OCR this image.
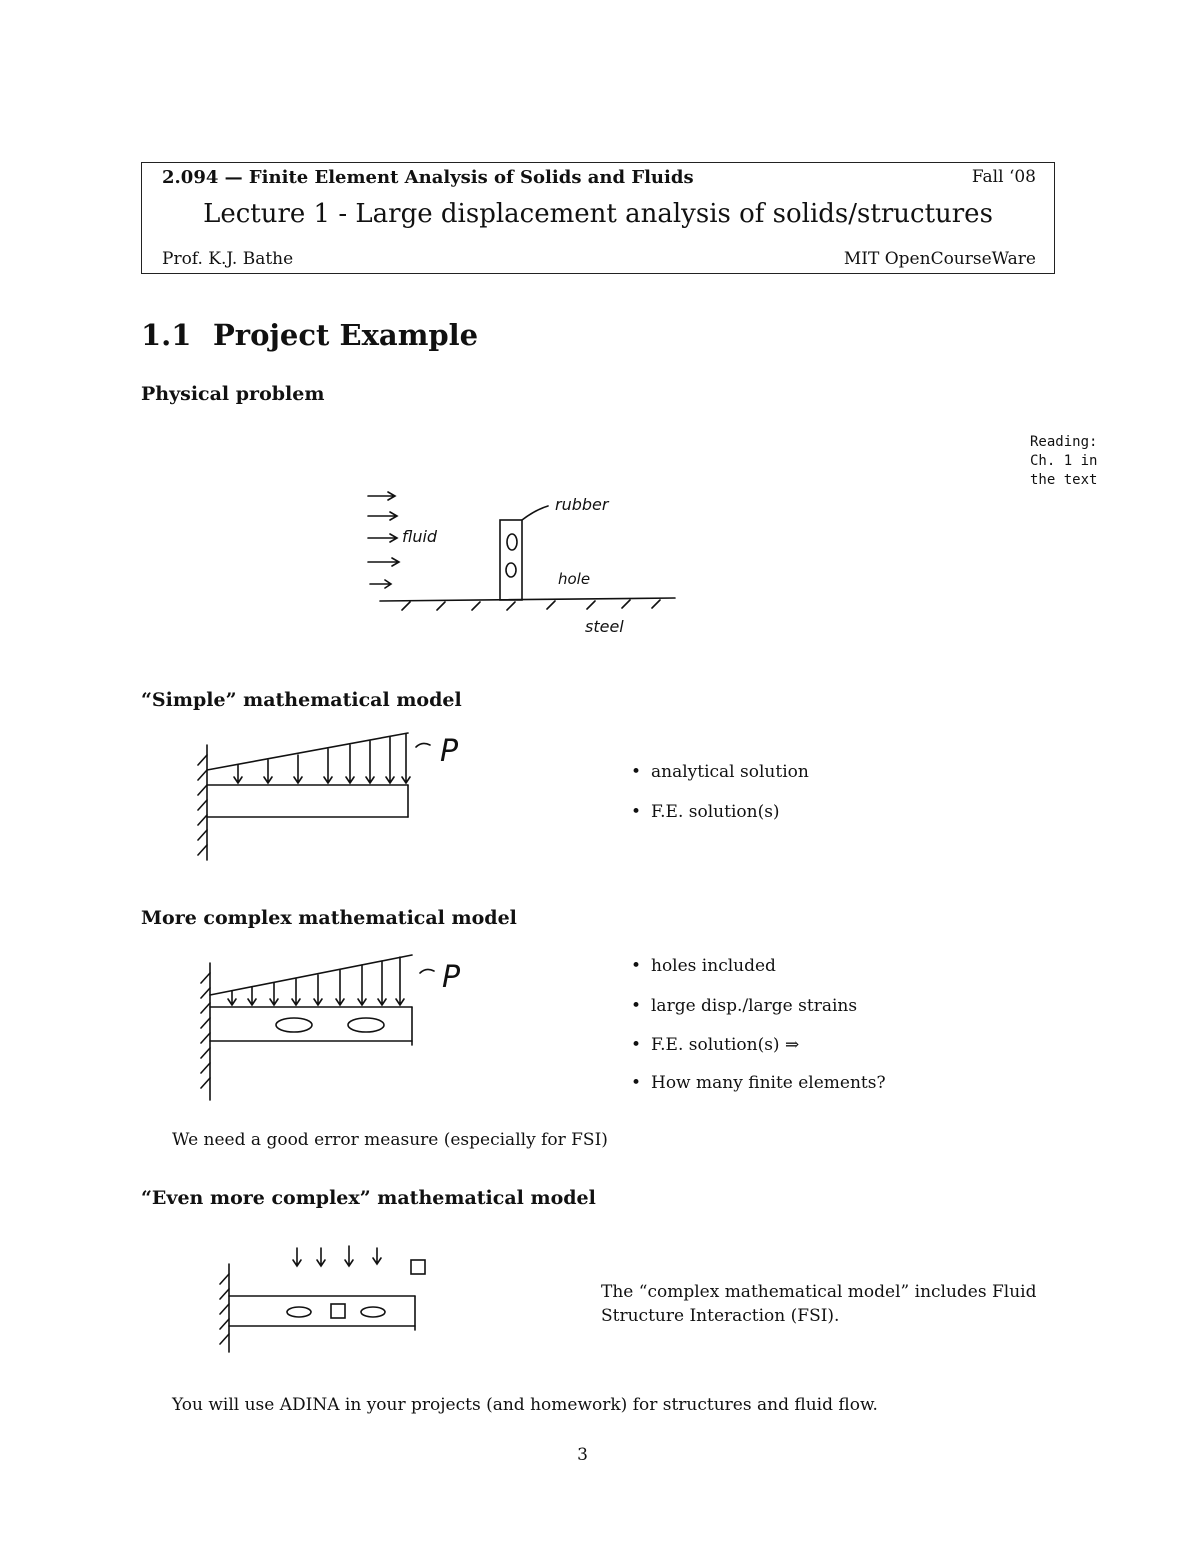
2.094 — Finite Element Analysis of Solids and Fluids	Fall ‘08
Lecture 1 - Large displacement analysis of solids/structures
Prof. K.J. Bathe	MIT OpenCourseWare
1.1 Project Example
Physical problem
Reading:
Ch. 1 in
the text
fluid
rubber
hole
steel
“Simple” mathematical model
P
• analytical solution
• F.E. solution(s)
More complex mathematical model
P	• holes included
• large disp./large strains
• F.E. solution(s) ⇒
• How many finite elements?
We need a good error measure (especially for FSI)
“Even more complex” mathematical model
The “complex mathematical model” includes Fluid
Structure Interaction (FSI).
You will use ADINA in your projects (and homework) for structures and fluid flow.
3
